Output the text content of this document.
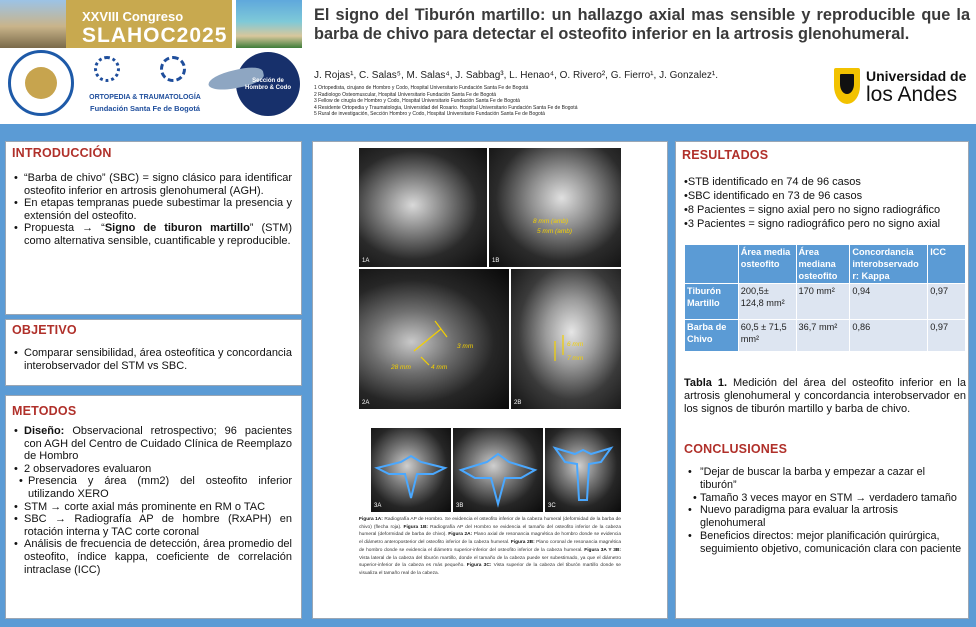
XXVIII Congreso
SLAHOC2025
ORTOPEDIA & TRAUMATOLOGÍA
Fundación Santa Fe de Bogotá
Sección de Hombro & Codo
El signo del Tiburón martillo: un hallazgo axial mas sensible y reproducible que la barba de chivo para detectar el osteofito inferior en la artrosis glenohumeral.
J. Rojas¹, C. Salas⁵, M. Salas⁴, J. Sabbag³, L. Henao⁴, O. Rivero², G. Fierro¹, J. Gonzalez¹.
1 Ortopedista, cirujano de Hombro y Codo, Hospital Universitario Fundación Santa Fe de Bogotá
2 Radiologo Osteomuscular, Hospital Universitario Fundación Santa Fe de Bogotá
3 Fellow de cirugía de Hombro y Codo, Hospital Universitario Fundación Santa Fe de Bogotá
4 Residente Ortopedia y Traumatologia, Universidad del Rosario. Hospital Universitario Fundación Santa Fe de Bogotá
5 Rural de investigación, Sección Hombro y Codo, Hospital Universitario Fundación Santa Fe de Bogotá
Universidad de
los Andes
INTRODUCCIÓN
• “Barba de chivo” (SBC) = signo clásico para identificar osteofito inferior en artrosis glenohumeral (AGH).
• En etapas tempranas puede subestimar la presencia y extensión del osteofito.
• Propuesta → “Signo de tiburon martillo” (STM) como alternativa sensible, cuantificable y reproducible.
OBJETIVO
• Comparar sensibilidad, área osteofítica y concordancia interobservador del STM vs SBC.
METODOS
• Diseño: Observacional retrospectivo; 96 pacientes con AGH del Centro de Cuidado Clínica de Reemplazo de Hombro
• 2 observadores evaluaron
• Presencia y área (mm2) del osteofito inferior utilizando XERO
• STM → corte axial más prominente en RM o TAC
• SBC → Radiografía AP de hombre (RxAPH) en rotación interna y TAC corte coronal
• Análisis de frecuencia de detección, área promedio del osteofito, índice kappa, coeficiente de correlación intraclase (ICC)
1A
8 mm (amb)
5 mm (amb)
1B
3 mm
28 mm	4 mm
2A
6 mm
7 mm
2B
3A	3B	3C
Figura 1A: Radiografía AP de Hombro. Se evidencia el osteofito inferior de la cabeza humeral (deformidad de la barba de chivo) (flecha roja). Figura 1B: Radiografía AP del Hombro se evidencia el tamaño del osteofito inferior de la cabeza humeral (deformidad de barba de chivo). Figura 2A: Plano axial de resonancia magnética de hombro donde se evidencia el diámetro anteroposterior del osteofito inferior de la cabeza humeral. Figura 2B: Plano coronal de resonancia magnética de hombro donde se evidencia el diámetro superior-inferior del osteofito inferior de la cabeza humeral. Figura 3A Y 3B: Vista lateral de la cabeza del tiburón martillo, donde el tamaño de la cabeza puede ser subestimado, ya que el diámetro superior-inferior de la cabeza es más pequeño. Figura 3C: Vista superior de la cabeza del tiburón martillo donde se visualiza el tamaño real de la cabeza.
RESULTADOS
•STB identificado en 74 de 96 casos
•SBC identificado en 73 de 96 casos
•8 Pacientes = signo axial pero no signo radiográfico
•3 Pacientes = signo radiográfico pero no signo axial
	Área media osteofito	Área mediana osteofito	Concordancia interobservado r: Kappa	ICC
Tiburón Martillo	200,5± 124,8 mm²	170 mm²	0,94	0,97
Barba de Chivo	60,5 ± 71,5 mm²	36,7 mm²	0,86	0,97
Tabla 1. Medición del área del osteofito inferior en la artrosis glenohumeral y concordancia interobservador en los signos de tiburón martillo y barba de chivo.
CONCLUSIONES
• ”Dejar de buscar la barba y empezar a cazar el tiburón”
• Tamaño 3 veces mayor en STM → verdadero tamaño
• Nuevo paradigma para evaluar la artrosis glenohumeral
• Beneficios directos: mejor planificación quirúrgica, seguimiento objetivo, comunicación clara con paciente
